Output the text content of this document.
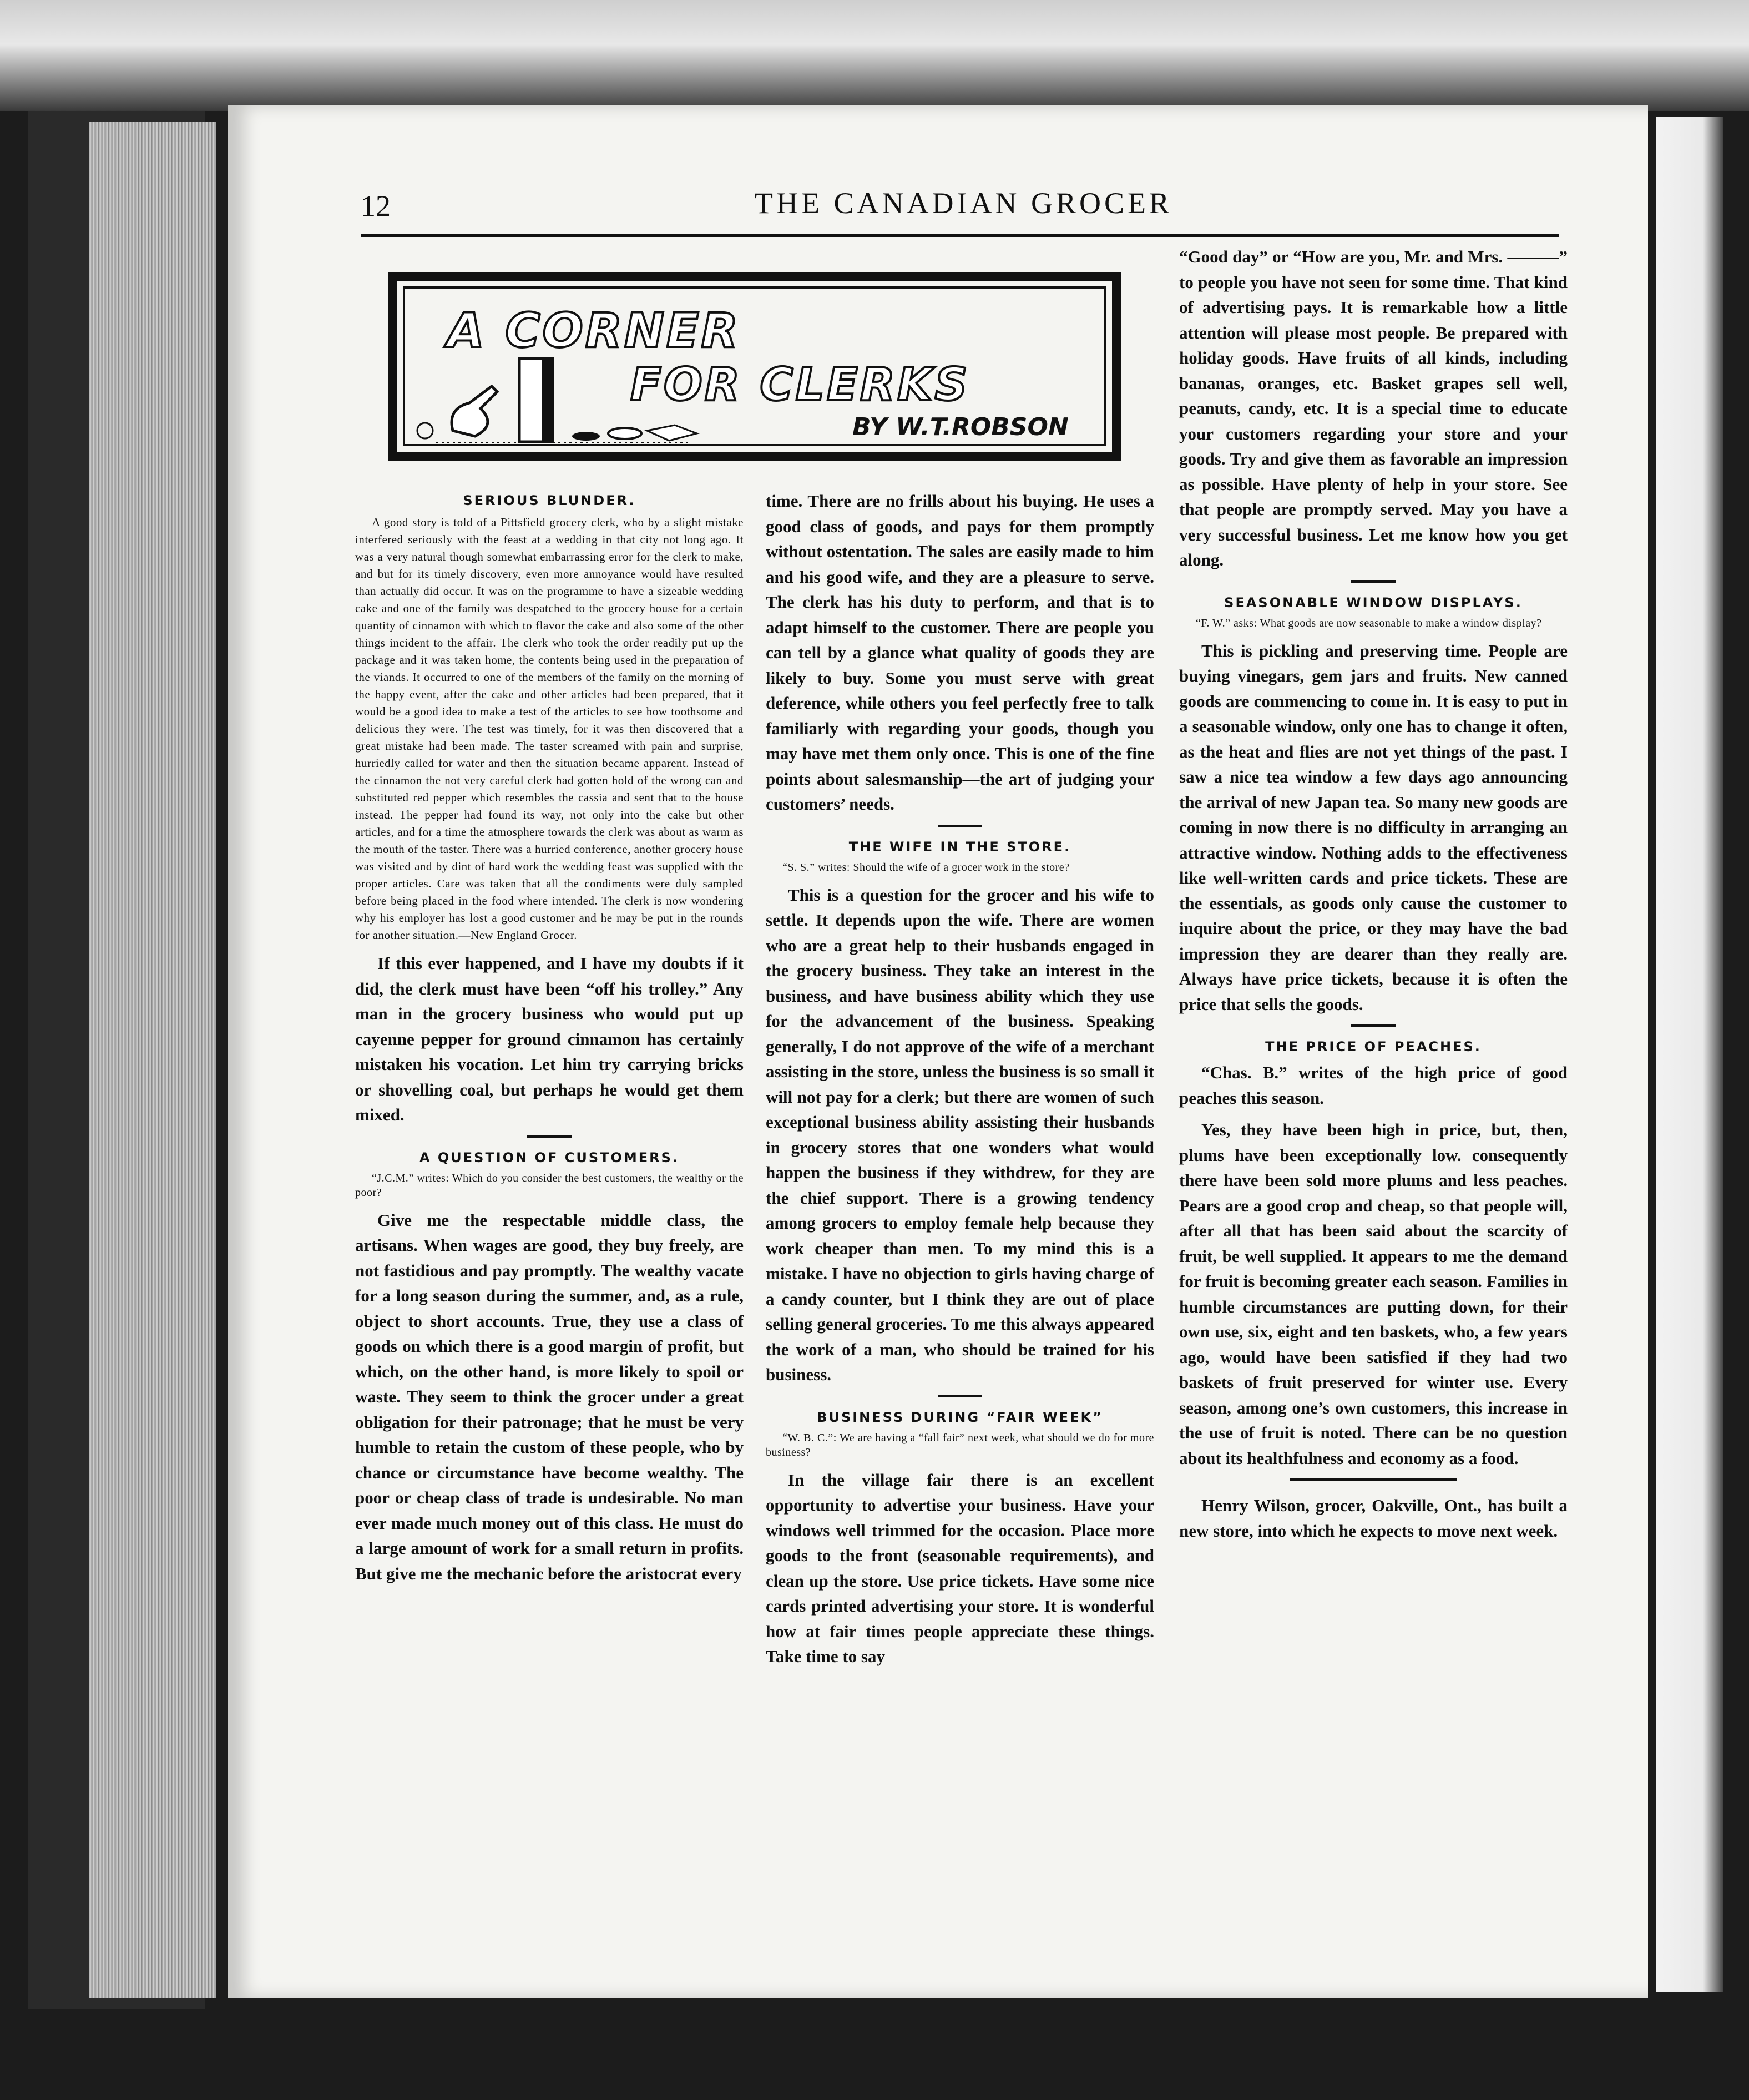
12	THE CANADIAN GROCER
A CORNER
FOR CLERKS
BY W.T.ROBSON
SERIOUS BLUNDER.

A good story is told of a Pittsfield grocery clerk, who by a slight mistake interfered seriously with the feast at a wedding in that city not long ago. It was a very natural though somewhat embarrassing error for the clerk to make, and but for its timely discovery, even more annoyance would have resulted than actually did occur. It was on the programme to have a sizeable wedding cake and one of the family was despatched to the grocery house for a certain quantity of cinnamon with which to flavor the cake and also some of the other things incident to the affair. The clerk who took the order readily put up the package and it was taken home, the contents being used in the preparation of the viands. It occurred to one of the members of the family on the morning of the happy event, after the cake and other articles had been prepared, that it would be a good idea to make a test of the articles to see how toothsome and delicious they were. The test was timely, for it was then discovered that a great mistake had been made. The taster screamed with pain and surprise, hurriedly called for water and then the situation became apparent. Instead of the cinnamon the not very careful clerk had gotten hold of the wrong can and substituted red pepper which resembles the cassia and sent that to the house instead. The pepper had found its way, not only into the cake but other articles, and for a time the atmosphere towards the clerk was about as warm as the mouth of the taster. There was a hurried conference, another grocery house was visited and by dint of hard work the wedding feast was supplied with the proper articles. Care was taken that all the condiments were duly sampled before being placed in the food where intended. The clerk is now wondering why his employer has lost a good customer and he may be put in the rounds for another situation.—New England Grocer.

If this ever happened, and I have my doubts if it did, the clerk must have been “off his trolley.” Any man in the grocery business who would put up cayenne pepper for ground cinnamon has certainly mistaken his vocation. Let him try carrying bricks or shovelling coal, but perhaps he would get them mixed.

A QUESTION OF CUSTOMERS.

“J.C.M.” writes: Which do you consider the best customers, the wealthy or the poor?

Give me the respectable middle class, the artisans. When wages are good, they buy freely, are not fastidious and pay promptly. The wealthy vacate for a long season during the summer, and, as a rule, object to short accounts. True, they use a class of goods on which there is a good margin of profit, but which, on the other hand, is more likely to spoil or waste. They seem to think the grocer under a great obligation for their patronage; that he must be very humble to retain the custom of these people, who by chance or circumstance have become wealthy. The poor or cheap class of trade is undesirable. No man ever made much money out of this class. He must do a large amount of work for a small return in profits. But give me the mechanic before the aristocrat every

time. There are no frills about his buying. He uses a good class of goods, and pays for them promptly without ostentation. The sales are easily made to him and his good wife, and they are a pleasure to serve. The clerk has his duty to perform, and that is to adapt himself to the customer. There are people you can tell by a glance what quality of goods they are likely to buy. Some you must serve with great deference, while others you feel perfectly free to talk familiarly with regarding your goods, though you may have met them only once. This is one of the fine points about salesmanship—the art of judging your customers’ needs.

THE WIFE IN THE STORE.

“S. S.” writes: Should the wife of a grocer work in the store?

This is a question for the grocer and his wife to settle. It depends upon the wife. There are women who are a great help to their husbands engaged in the grocery business. They take an interest in the business, and have business ability which they use for the advancement of the business. Speaking generally, I do not approve of the wife of a merchant assisting in the store, unless the business is so small it will not pay for a clerk; but there are women of such exceptional business ability assisting their husbands in grocery stores that one wonders what would happen the business if they withdrew, for they are the chief support. There is a growing tendency among grocers to employ female help because they work cheaper than men. To my mind this is a mistake. I have no objection to girls having charge of a candy counter, but I think they are out of place selling general groceries. To me this always appeared the work of a man, who should be trained for his business.

BUSINESS DURING “FAIR WEEK”

“W. B. C.”: We are having a “fall fair” next week, what should we do for more business?

In the village fair there is an excellent opportunity to advertise your business. Have your windows well trimmed for the occasion. Place more goods to the front (seasonable requirements), and clean up the store. Use price tickets. Have some nice cards printed advertising your store. It is wonderful how at fair times people appreciate these things. Take time to say

“Good day” or “How are you, Mr. and Mrs. ———” to people you have not seen for some time. That kind of advertising pays. It is remarkable how a little attention will please most people. Be prepared with holiday goods. Have fruits of all kinds, including bananas, oranges, etc. Basket grapes sell well, peanuts, candy, etc. It is a special time to educate your customers regarding your store and your goods. Try and give them as favorable an impression as possible. Have plenty of help in your store. See that people are promptly served. May you have a very successful business. Let me know how you get along.

SEASONABLE WINDOW DISPLAYS.

“F. W.” asks: What goods are now seasonable to make a window display?

This is pickling and preserving time. People are buying vinegars, gem jars and fruits. New canned goods are commencing to come in. It is easy to put in a seasonable window, only one has to change it often, as the heat and flies are not yet things of the past. I saw a nice tea window a few days ago announcing the arrival of new Japan tea. So many new goods are coming in now there is no difficulty in arranging an attractive window. Nothing adds to the effectiveness like well-written cards and price tickets. These are the essentials, as goods only cause the customer to inquire about the price, or they may have the bad impression they are dearer than they really are. Always have price tickets, because it is often the price that sells the goods.

THE PRICE OF PEACHES.

“Chas. B.” writes of the high price of good peaches this season.

Yes, they have been high in price, but, then, plums have been exceptionally low. consequently there have been sold more plums and less peaches. Pears are a good crop and cheap, so that people will, after all that has been said about the scarcity of fruit, be well supplied. It appears to me the demand for fruit is becoming greater each season. Families in humble circumstances are putting down, for their own use, six, eight and ten baskets, who, a few years ago, would have been satisfied if they had two baskets of fruit preserved for winter use. Every season, among one’s own customers, this increase in the use of fruit is noted. There can be no question about its healthfulness and economy as a food.

Henry Wilson, grocer, Oakville, Ont., has built a new store, into which he expects to move next week.
